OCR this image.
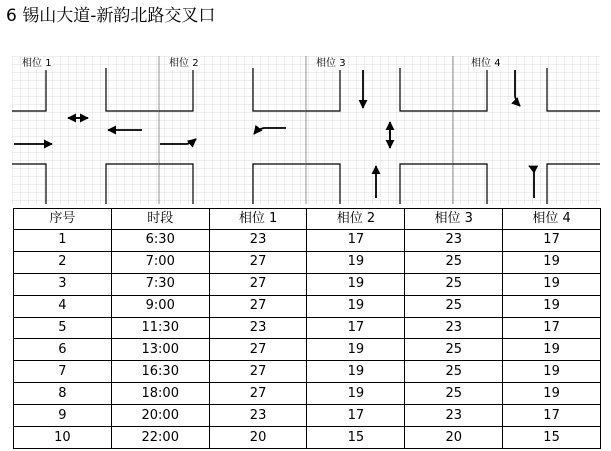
6 锡山大道-新韵北路交叉口
相位 1	相位 2	相位 3	相位 4
序号	时段	相位 1	相位 2	相位 3	相位 4
1	6:30	23	17	23	17
2	7:00	27	19	25	19
3	7:30	27	19	25	19
4	9:00	27	19	25	19
5	11:30	23	17	23	17
6	13:00	27	19	25	19
7	16:30	27	19	25	19
8	18:00	27	19	25	19
9	20:00	23	17	23	17
10	22:00	20	15	20	15
